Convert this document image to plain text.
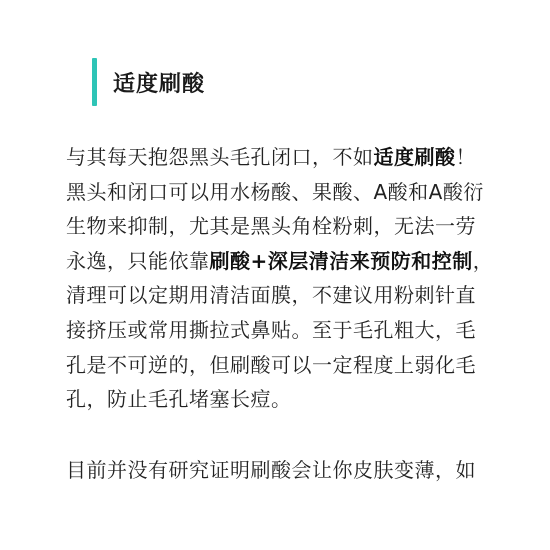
适度刷酸

与其每天抱怨黑头毛孔闭口，不如适度刷酸！
黑头和闭口可以用水杨酸、果酸、A酸和A酸衍生物来抑制，尤其是黑头角栓粉刺，无法一劳永逸，只能依靠刷酸+深层清洁来预防和控制，清理可以定期用清洁面膜，不建议用粉刺针直接挤压或常用撕拉式鼻贴。至于毛孔粗大，毛孔是不可逆的，但刷酸可以一定程度上弱化毛孔，防止毛孔堵塞长痘。

目前并没有研究证明刷酸会让你皮肤变薄，如
